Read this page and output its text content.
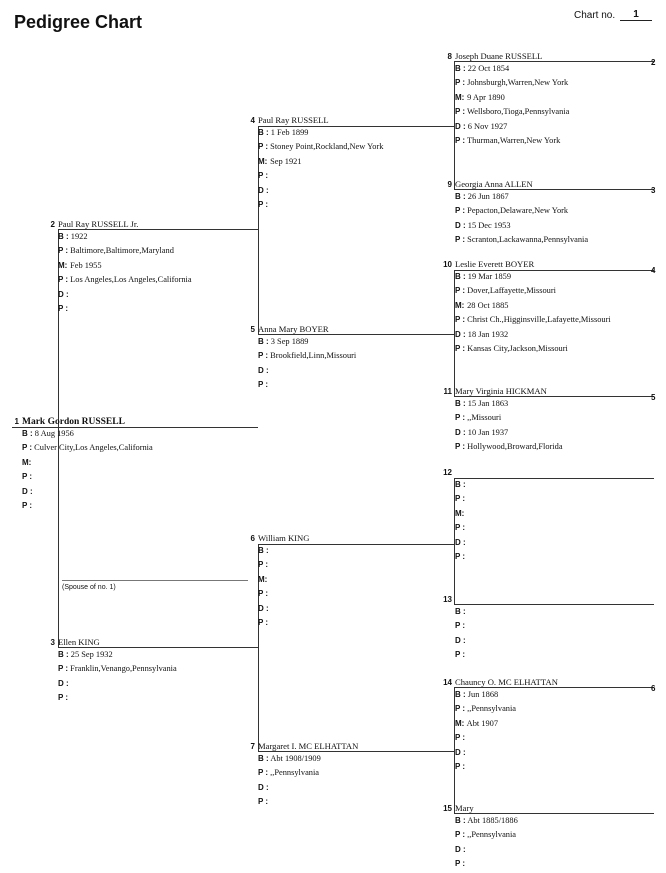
Pedigree Chart	Chart no.	1
(Spouse of no. 1)
1 Mark Gordon RUSSELL
B : 8 Aug 1956
P : Culver City,Los Angeles,California
M:
P :
D :
P :
2 Paul Ray RUSSELL Jr.
B : 1922
P : Baltimore,Baltimore,Maryland
M: Feb 1955
P : Los Angeles,Los Angeles,California
D :
P :
3 Ellen KING
B : 25 Sep 1932
P : Franklin,Venango,Pennsylvania
D :
P :
4 Paul Ray RUSSELL
B : 1 Feb 1899
P : Stoney Point,Rockland,New York
M: Sep 1921
P :
D :
P :
5 Anna Mary BOYER
B : 3 Sep 1889
P : Brookfield,Linn,Missouri
D :
P :
6 William KING
B :
P :
M:
P :
D :
P :
7 Margaret I. MC ELHATTAN
B : Abt 1908/1909
P : ,,Pennsylvania
D :
P :
8 Joseph Duane RUSSELL
2
B : 22 Oct 1854
P : Johnsburgh,Warren,New York
M: 9 Apr 1890
P : Wellsboro,Tioga,Pennsylvania
D : 6 Nov 1927
P : Thurman,Warren,New York
9 Georgia Anna ALLEN
3
B : 26 Jun 1867
P : Pepacton,Delaware,New York
D : 15 Dec 1953
P : Scranton,Lackawanna,Pennsylvania
10 Leslie Everett BOYER
4
B : 19 Mar 1859
P : Dover,Laffayette,Missouri
M: 28 Oct 1885
P : Christ Ch.,Higginsville,Lafayette,Missouri
D : 18 Jan 1932
P : Kansas City,Jackson,Missouri
11 Mary Virginia HICKMAN
5
B : 15 Jan 1863
P : ,,Missouri
D : 10 Jan 1937
P : Hollywood,Broward,Florida
12
B :
P :
M:
P :
D :
P :
13
B :
P :
D :
P :
14 Chauncy O. MC ELHATTAN
6
B : Jun 1868
P : ,,Pennsylvania
M: Abt 1907
P :
D :
P :
15 Mary
B : Abt 1885/1886
P : ,,Pennsylvania
D :
P :
